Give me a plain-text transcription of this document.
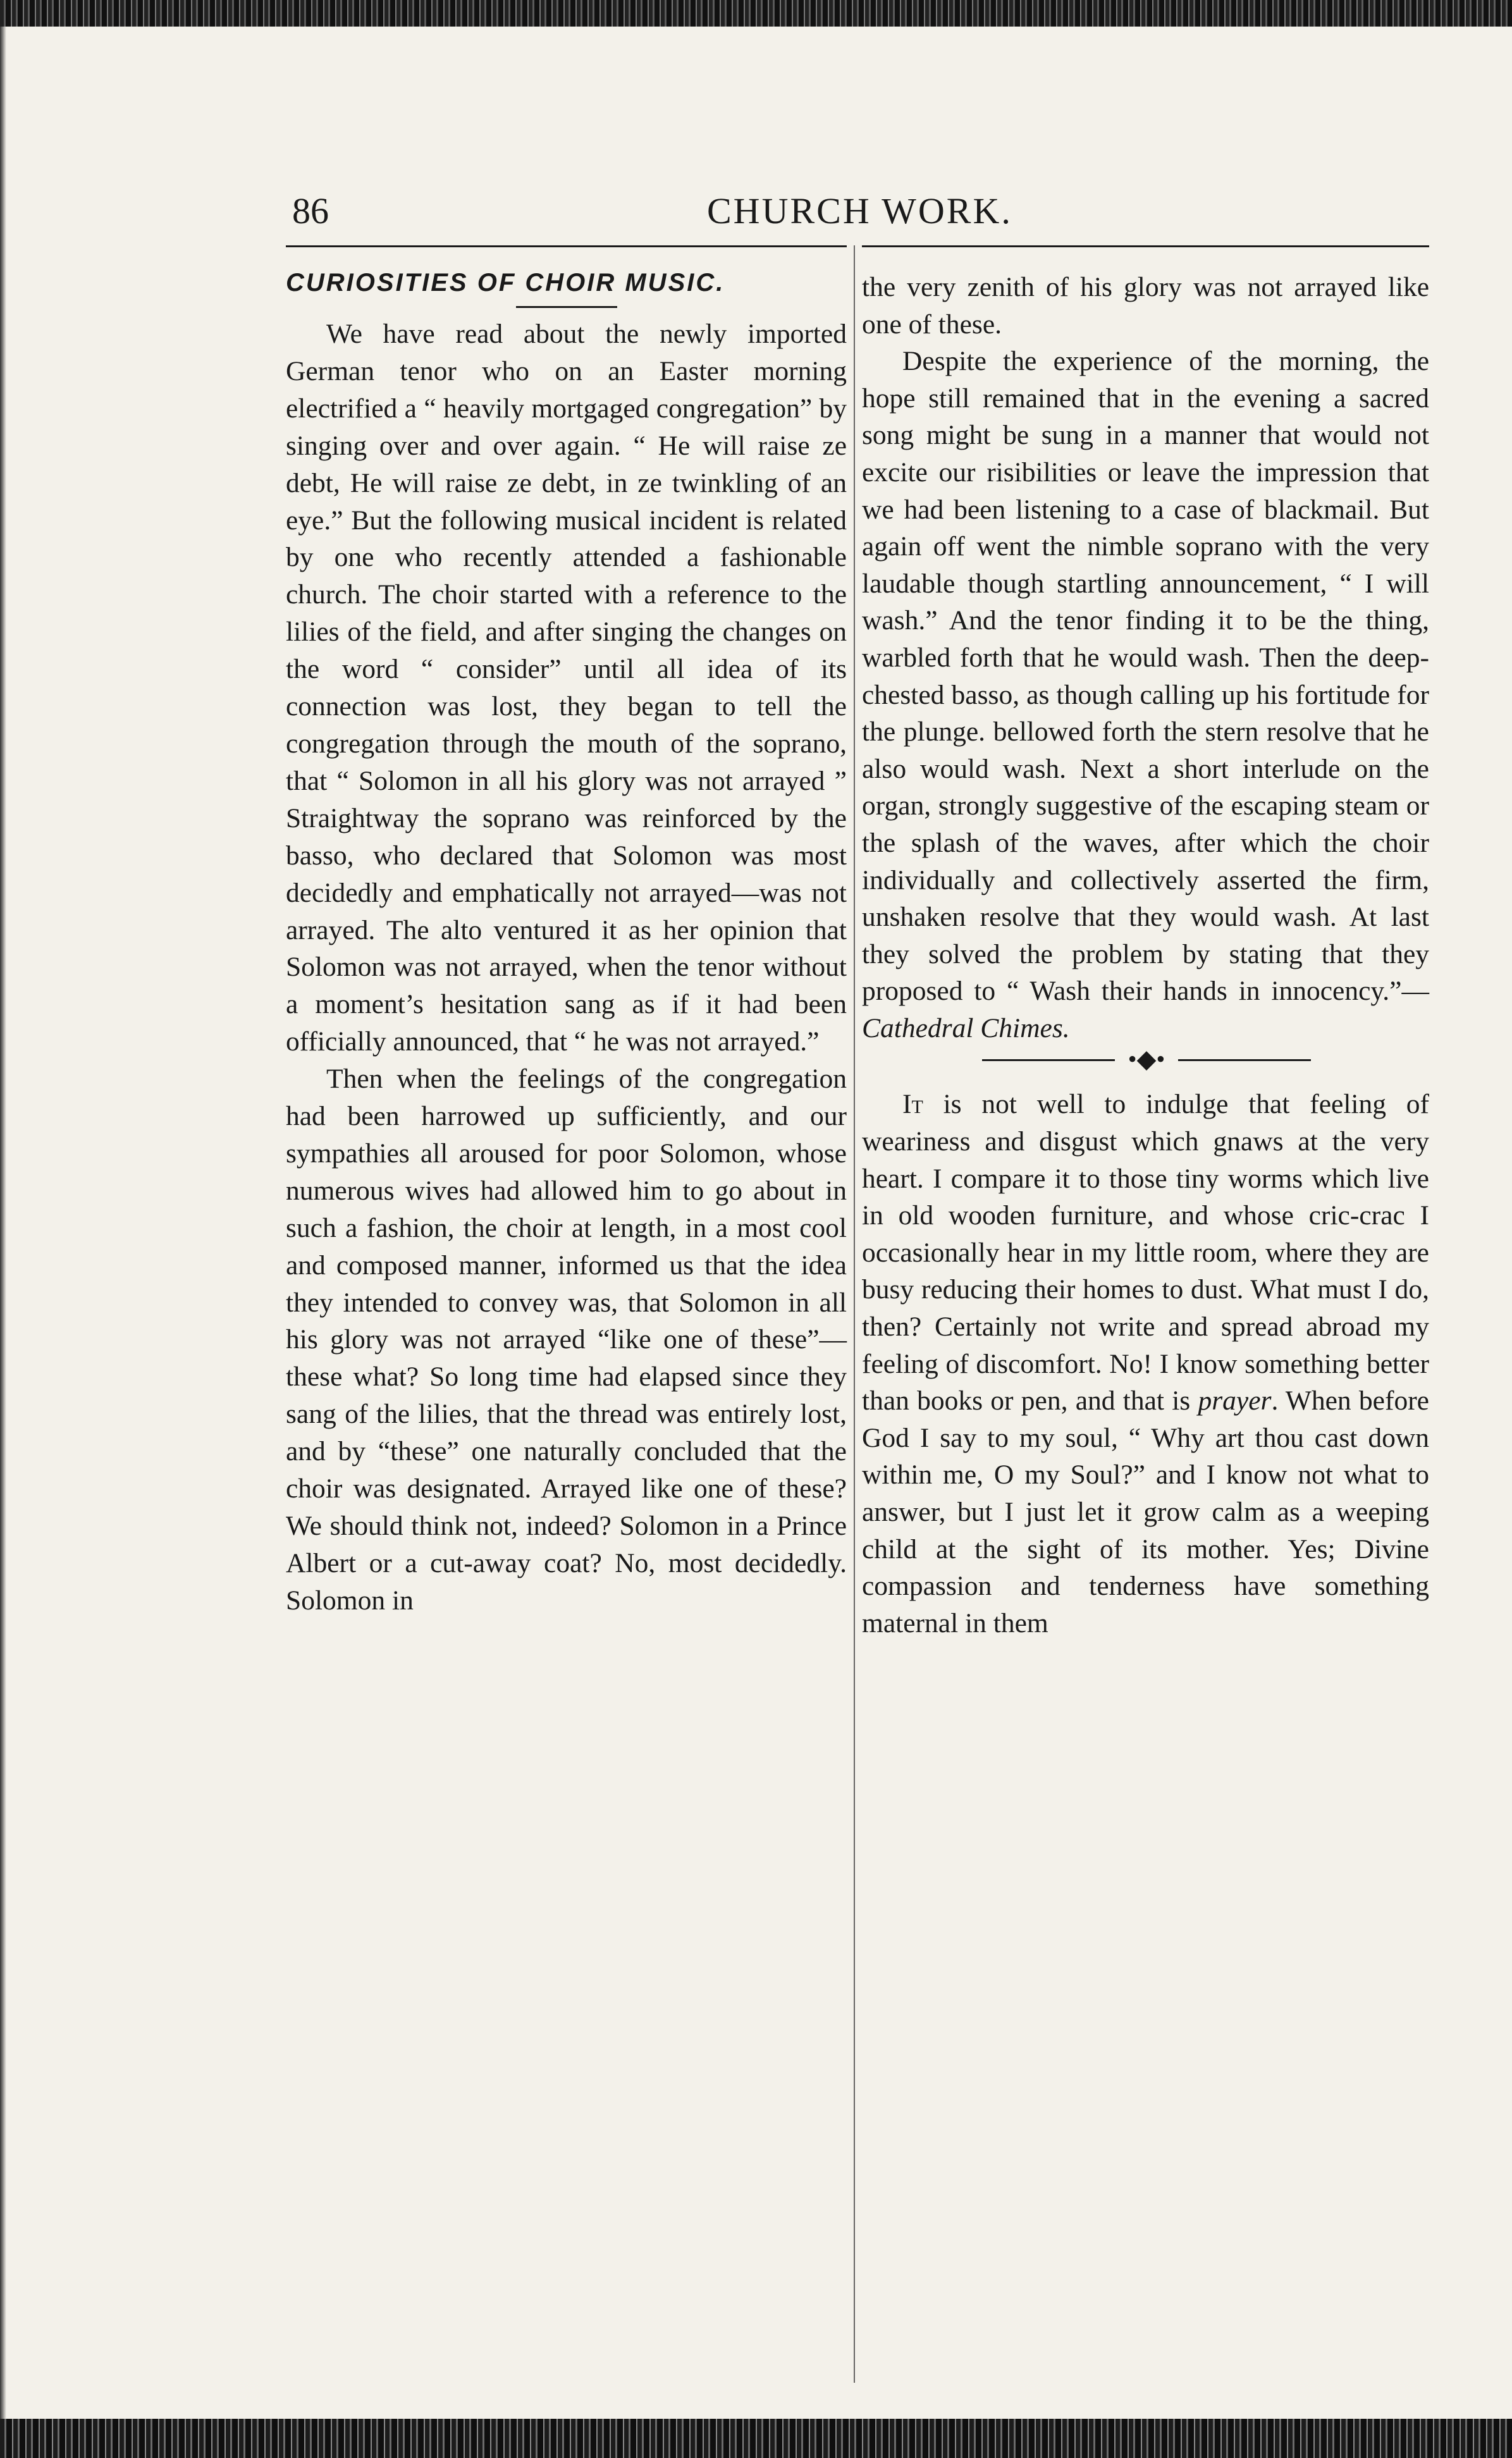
86	CHURCH WORK.
CURIOSITIES OF CHOIR MUSIC.

We have read about the newly imported German tenor who on an Easter morning electrified a “ heavily mortgaged congregation” by singing over and over again. “ He will raise ze debt, He will raise ze debt, in ze twinkling of an eye.” But the following musical incident is related by one who recently attended a fashionable church. The choir started with a reference to the lilies of the field, and after singing the changes on the word “ consider” until all idea of its connection was lost, they began to tell the congregation through the mouth of the soprano, that “ Solomon in all his glory was not arrayed ” Straightway the soprano was reinforced by the basso, who declared that Solomon was most decidedly and emphatically not arrayed—was not arrayed. The alto ventured it as her opinion that Solomon was not arrayed, when the tenor without a moment’s hesitation sang as if it had been officially announced, that “ he was not arrayed.”

Then when the feelings of the congregation had been harrowed up sufficiently, and our sympathies all aroused for poor Solomon, whose numerous wives had allowed him to go about in such a fashion, the choir at length, in a most cool and composed manner, informed us that the idea they intended to convey was, that Solomon in all his glory was not arrayed “like one of these”—these what? So long time had elapsed since they sang of the lilies, that the thread was entirely lost, and by “these” one naturally concluded that the choir was designated. Arrayed like one of these? We should think not, indeed? Solomon in a Prince Albert or a cut-away coat? No, most decidedly. Solomon in

the very zenith of his glory was not arrayed like one of these.

Despite the experience of the morning, the hope still remained that in the evening a sacred song might be sung in a manner that would not excite our risibilities or leave the impression that we had been listening to a case of blackmail. But again off went the nimble soprano with the very laudable though startling announcement, “ I will wash.” And the tenor finding it to be the thing, warbled forth that he would wash. Then the deep-chested basso, as though calling up his fortitude for the plunge. bellowed forth the stern resolve that he also would wash. Next a short interlude on the organ, strongly suggestive of the escaping steam or the splash of the waves, after which the choir individually and collectively asserted the firm, unshaken resolve that they would wash. At last they solved the problem by stating that they proposed to “ Wash their hands in innocency.”—Cathedral Chimes.

•◆•

It is not well to indulge that feeling of weariness and disgust which gnaws at the very heart. I compare it to those tiny worms which live in old wooden furniture, and whose cric-crac I occasionally hear in my little room, where they are busy reducing their homes to dust. What must I do, then? Certainly not write and spread abroad my feeling of discomfort. No! I know something better than books or pen, and that is prayer. When before God I say to my soul, “ Why art thou cast down within me, O my Soul?” and I know not what to answer, but I just let it grow calm as a weeping child at the sight of its mother. Yes; Divine compassion and tenderness have something maternal in them
